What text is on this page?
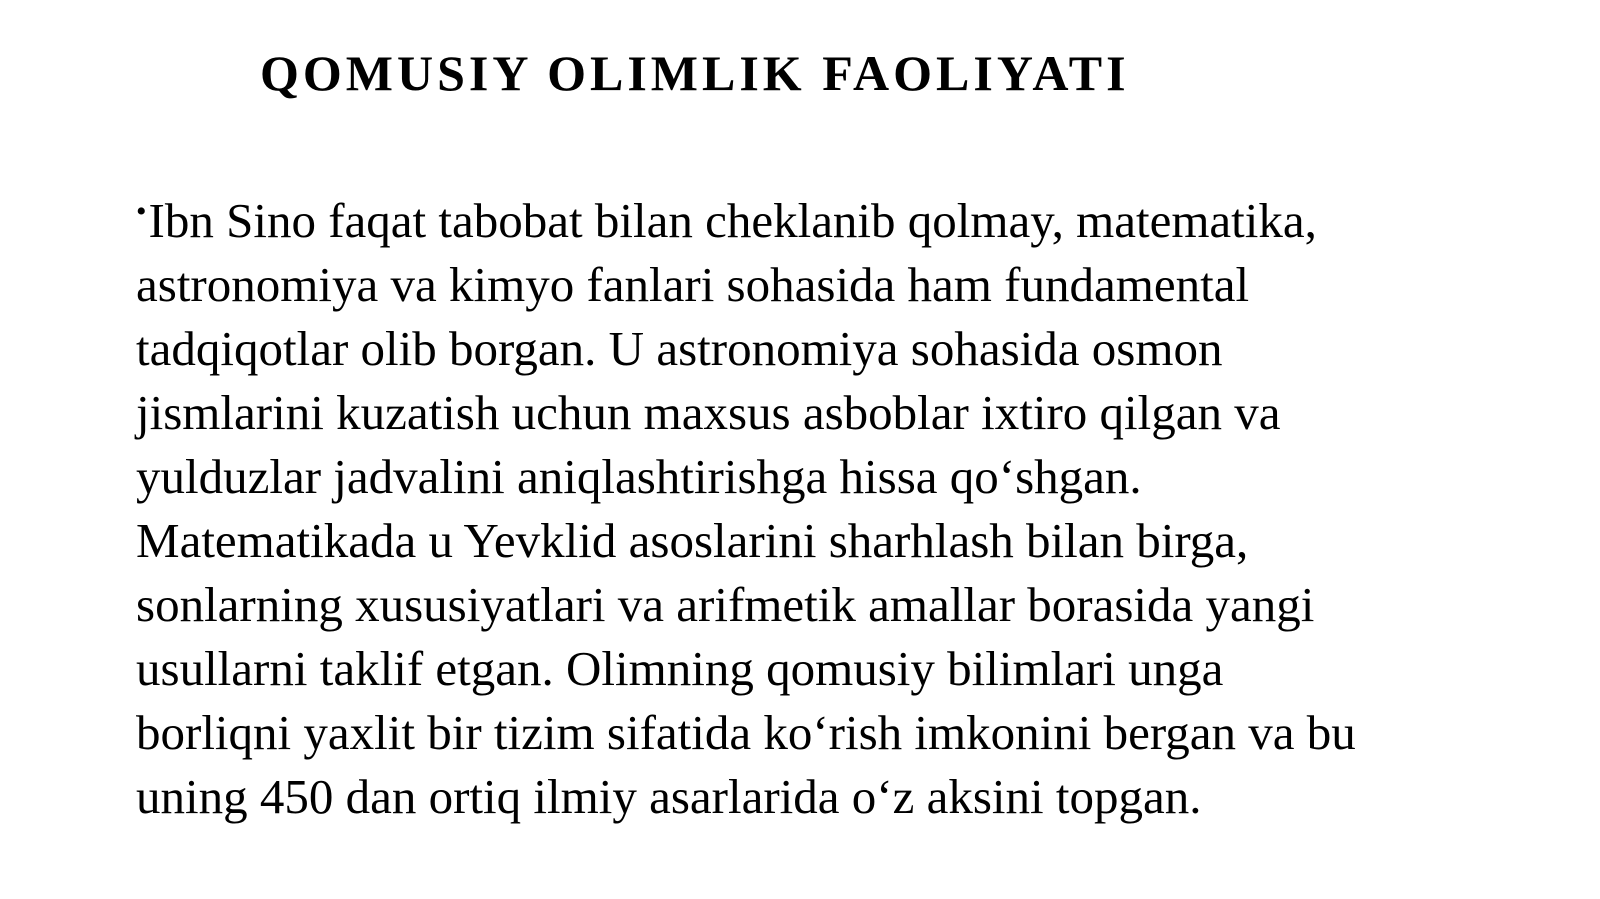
QOMUSIY OLIMLIK FAOLIYATI
•Ibn Sino faqat tabobat bilan cheklanib qolmay, matematika,
astronomiya va kimyo fanlari sohasida ham fundamental
tadqiqotlar olib borgan. U astronomiya sohasida osmon
jismlarini kuzatish uchun maxsus asboblar ixtiro qilgan va
yulduzlar jadvalini aniqlashtirishga hissa qo‘shgan.
Matematikada u Yevklid asoslarini sharhlash bilan birga,
sonlarning xususiyatlari va arifmetik amallar borasida yangi
usullarni taklif etgan. Olimning qomusiy bilimlari unga
borliqni yaxlit bir tizim sifatida ko‘rish imkonini bergan va bu
uning 450 dan ortiq ilmiy asarlarida o‘z aksini topgan.
